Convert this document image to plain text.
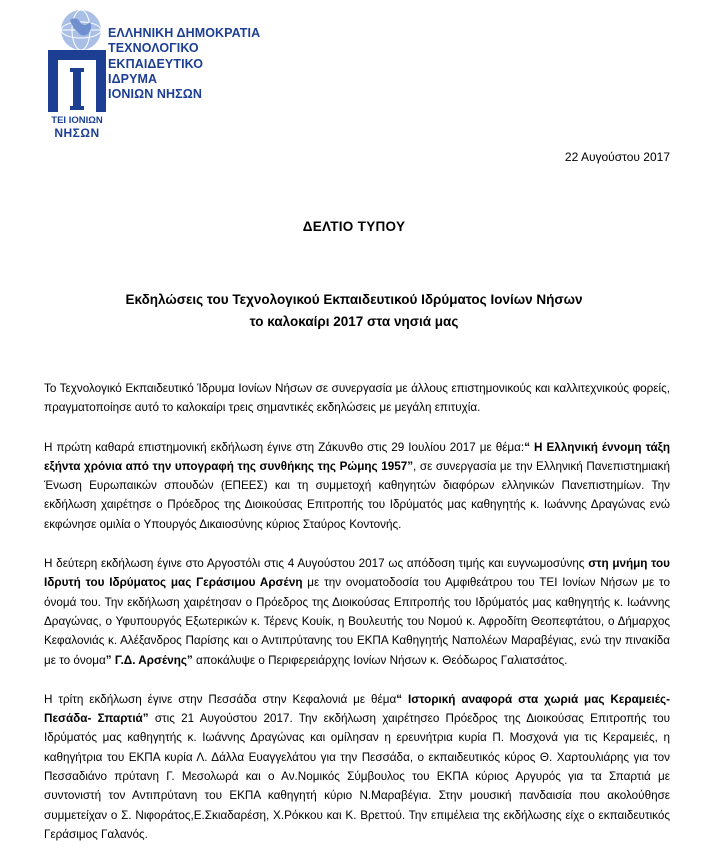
ΤΕΙ ΙΟΝΙΩΝ
ΝΗΣΩΝ
ΕΛΛΗΝΙΚΗ ΔΗΜΟΚΡΑΤΙΑ
ΤΕΧΝΟΛΟΓΙΚΟ
ΕΚΠΑΙΔΕΥΤΙΚΟ
ΙΔΡΥΜΑ
ΙΟΝΙΩΝ ΝΗΣΩΝ
22 Αυγούστου 2017
ΔΕΛΤΙΟ ΤΥΠΟΥ
Εκδηλώσεις του Τεχνολογικού Εκπαιδευτικού Ιδρύματος Ιονίων Νήσων
το καλοκαίρι 2017 στα νησιά μας

Το Τεχνολογικό Εκπαιδευτικό Ίδρυμα Ιονίων Νήσων σε συνεργασία με άλλους επιστημονικούς και καλλιτεχνικούς φορείς, πραγματοποίησε αυτό το καλοκαίρι τρεις σημαντικές εκδηλώσεις με μεγάλη επιτυχία.

Η πρώτη καθαρά επιστημονική εκδήλωση έγινε στη Ζάκυνθο στις 29 Ιουλίου 2017 με θέμα:“ Η Ελληνική έννομη τάξη εξήντα χρόνια από την υπογραφή της συνθήκης της Ρώμης 1957”, σε συνεργασία με την Ελληνική Πανεπιστημιακή Ένωση Ευρωπαικών σπουδών (ΕΠΕΕΣ) και τη συμμετοχή καθηγητών διαφόρων ελληνικών Πανεπιστημίων. Την εκδήλωση χαιρέτησε ο Πρόεδρος της Διοικούσας Επιτροπής του Ιδρύματός μας καθηγητής κ. Ιωάννης Δραγώνας ενώ εκφώνησε ομιλία ο Υπουργός Δικαιοσύνης κύριος Σταύρος Κοντονής.

Η δεύτερη εκδήλωση έγινε στο Αργοστόλι στις 4 Αυγούστου 2017 ως απόδοση τιμής και ευγνωμοσύνης στη μνήμη του Ιδρυτή του Ιδρύματος μας Γεράσιμου Αρσένη με την ονοματοδοσία του Αμφιθεάτρου του ΤΕΙ Ιονίων Νήσων με το όνομά του. Την εκδήλωση χαιρέτησαν ο Πρόεδρος της Διοικούσας Επιτροπής του Ιδρύματός μας καθηγητής κ. Ιωάννης Δραγώνας, ο Υφυπουργός Εξωτερικών κ. Τέρενς Κουίκ, η Βουλευτής του Νομού κ. Αφροδίτη Θεοπεφτάτου, ο Δήμαρχος Κεφαλονιάς κ. Αλέξανδρος Παρίσης και ο Αντιπρύτανης του ΕΚΠΑ Καθηγητής Ναπολέων Μαραβέγιας, ενώ την πινακίδα με το όνομα” Γ.Δ. Αρσένης” αποκάλυψε ο Περιφερειάρχης Ιονίων Νήσων κ. Θεόδωρος Γαλιατσάτος.

Η τρίτη εκδήλωση έγινε στην Πεσσάδα στην Κεφαλονιά με θέμα“ Ιστορική αναφορά στα χωριά μας Κεραμειές-Πεσάδα- Σπαρτιά” στις 21 Αυγούστου 2017. Την εκδήλωση χαιρέτησεο Πρόεδρος της Διοικούσας Επιτροπής του Ιδρύματός μας καθηγητής κ. Ιωάννης Δραγώνας και ομίλησαν η ερευνήτρια κυρία Π. Μοσχονά για τις Κεραμειές, η καθηγήτρια του ΕΚΠΑ κυρία Λ. Δάλλα Ευαγγελάτου για την Πεσσάδα, ο εκπαιδευτικός κύρος Θ. Χαρτουλιάρης για τον Πεσσαδιάνο πρύτανη Γ. Μεσολωρά και ο Αν.Νομικός Σύμβουλος του ΕΚΠΑ κύριος Αργυρός για τα Σπαρτιά με συντονιστή τον Αντιπρύτανη του ΕΚΠΑ καθηγητή κύριο Ν.Μαραβέγια. Στην μουσική πανδαισία που ακολούθησε συμμετείχαν ο Σ. Νιφοράτος,Ε.Σκιαδαρέση, Χ.Ρόκκου και Κ. Βρεττού. Την επιμέλεια της εκδήλωσης είχε ο εκπαιδευτικός Γεράσιμος Γαλανός.
